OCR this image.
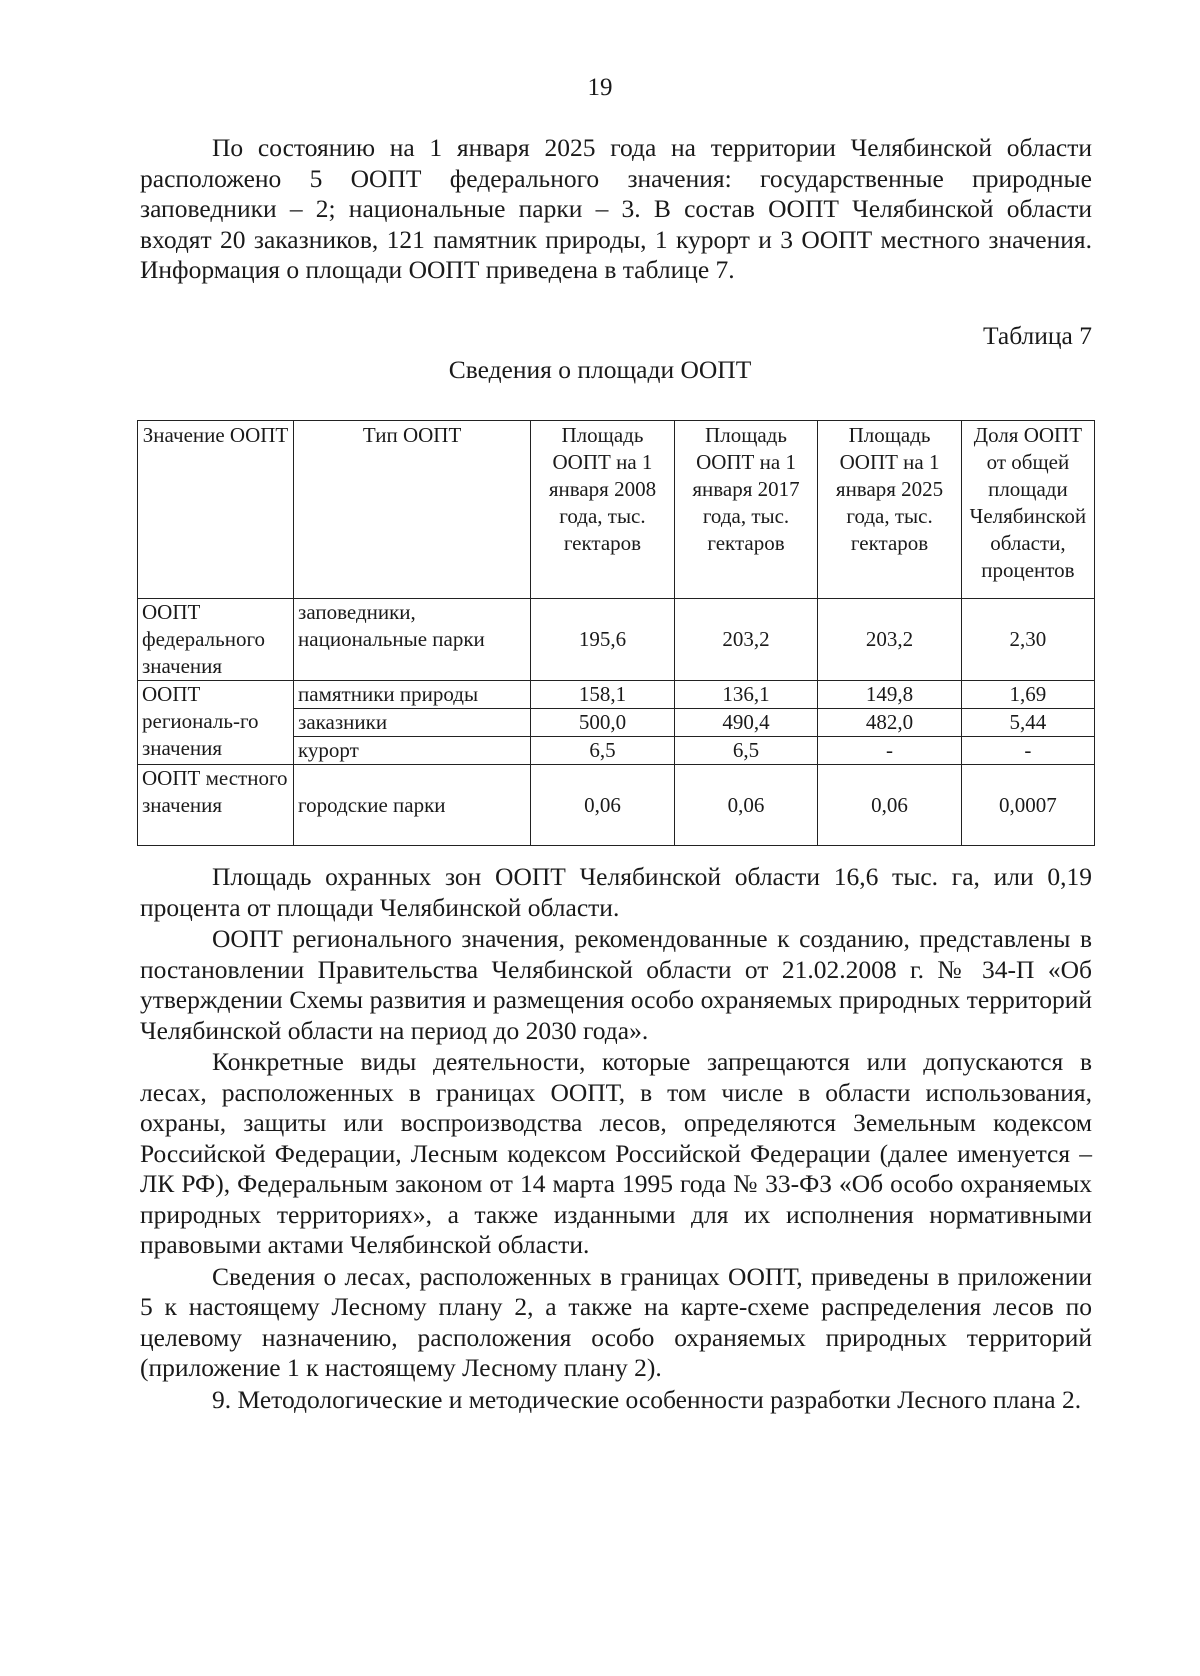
19

По состоянию на 1 января 2025 года на территории Челябинской области расположено 5 ООПТ федерального значения: государственные природные заповедники – 2; национальные парки – 3. В состав ООПТ Челябинской области входят 20 заказников, 121 памятник природы, 1 курорт и 3 ООПТ местного значения. Информация о площади ООПТ приведена в таблице 7.

Таблица 7
Сведения о площади ООПТ
Значение ООПТ	Тип ООПТ	Площадь ООПТ на 1 января 2008 года, тыс. гектаров	Площадь ООПТ на 1 января 2017 года, тыс. гектаров	Площадь ООПТ на 1 января 2025 года, тыс. гектаров	Доля ООПТ от общей площади Челябинской области, процентов
ООПТ федерального значения	заповедники, национальные парки	195,6	203,2	203,2	2,30
ООПТ региональ-го значения	памятники природы	158,1	136,1	149,8	1,69
	заказники	500,0	490,4	482,0	5,44
	курорт	6,5	6,5	-	-
ООПТ местного значения	городские парки	0,06	0,06	0,06	0,0007

Площадь охранных зон ООПТ Челябинской области 16,6 тыс. га, или 0,19 процента от площади Челябинской области.

ООПТ регионального значения, рекомендованные к созданию, представлены в постановлении Правительства Челябинской области от 21.02.2008 г. № 34-П «Об утверждении Схемы развития и размещения особо охраняемых природных территорий Челябинской области на период до 2030 года».

Конкретные виды деятельности, которые запрещаются или допускаются в лесах, расположенных в границах ООПТ, в том числе в области использования, охраны, защиты или воспроизводства лесов, определяются Земельным кодексом Российской Федерации, Лесным кодексом Российской Федерации (далее именуется – ЛК РФ), Федеральным законом от 14 марта 1995 года № 33-ФЗ «Об особо охраняемых природных территориях», а также изданными для их исполнения нормативными правовыми актами Челябинской области.

Сведения о лесах, расположенных в границах ООПТ, приведены в приложении 5 к настоящему Лесному плану 2, а также на карте-схеме распределения лесов по целевому назначению, расположения особо охраняемых природных территорий (приложение 1 к настоящему Лесному плану 2).

9. Методологические и методические особенности разработки Лесного плана 2.
